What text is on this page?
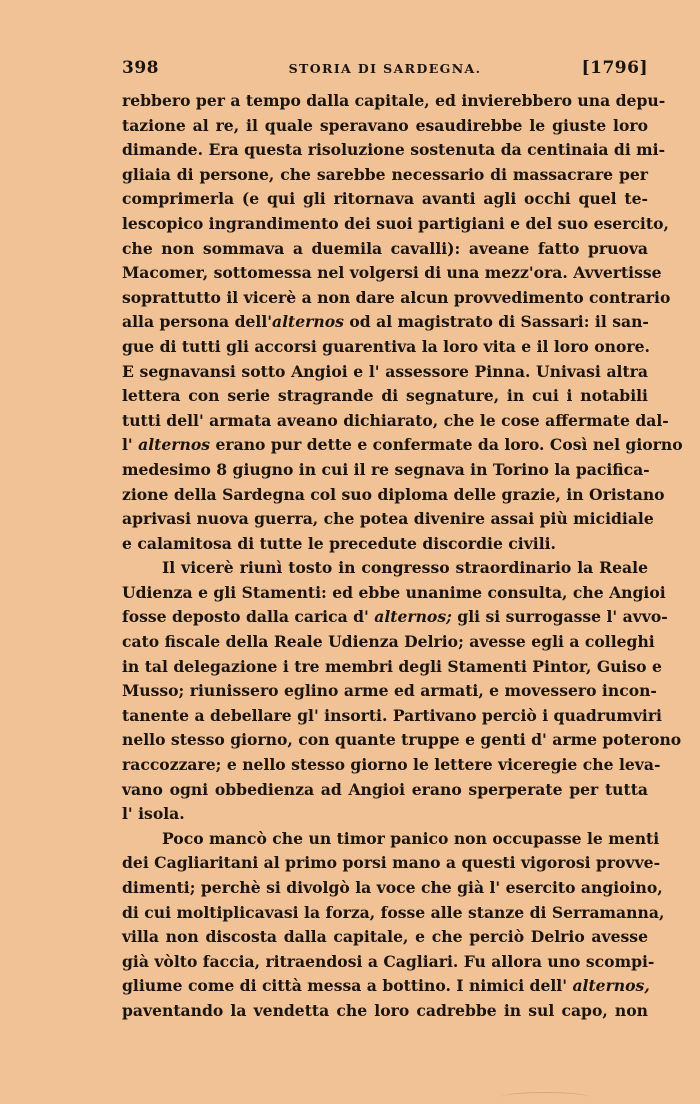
398	STORIA DI SARDEGNA.	[1796]
rebbero per a tempo dalla capitale, ed invierebbero una depu-
tazione al re, il quale speravano esaudirebbe le giuste loro
dimande. Era questa risoluzione sostenuta da centinaia di mi-
gliaia di persone, che sarebbe necessario di massacrare per
comprimerla (e qui gli ritornava avanti agli occhi quel te-
lescopico ingrandimento dei suoi partigiani e del suo esercito,
che non sommava a duemila cavalli): aveane fatto pruova
Macomer, sottomessa nel volgersi di una mezz'ora. Avvertisse
soprattutto il vicerè a non dare alcun provvedimento contrario
alla persona dell'alternos od al magistrato di Sassari: il san-
gue di tutti gli accorsi guarentiva la loro vita e il loro onore.
E segnavansi sotto Angioi e l' assessore Pinna. Univasi altra
lettera con serie stragrande di segnature, in cui i notabili
tutti dell' armata aveano dichiarato, che le cose affermate dal-
l' alternos erano pur dette e confermate da loro. Così nel giorno
medesimo 8 giugno in cui il re segnava in Torino la pacifica-
zione della Sardegna col suo diploma delle grazie, in Oristano
aprivasi nuova guerra, che potea divenire assai più micidiale
e calamitosa di tutte le precedute discordie civili.
Il vicerè riunì tosto in congresso straordinario la Reale
Udienza e gli Stamenti: ed ebbe unanime consulta, che Angioi
fosse deposto dalla carica d' alternos; gli si surrogasse l' avvo-
cato fiscale della Reale Udienza Delrio; avesse egli a colleghi
in tal delegazione i tre membri degli Stamenti Pintor, Guiso e
Musso; riunissero eglino arme ed armati, e movessero incon-
tanente a debellare gl' insorti. Partivano perciò i quadrumviri
nello stesso giorno, con quante truppe e genti d' arme poterono
raccozzare; e nello stesso giorno le lettere viceregie che leva-
vano ogni obbedienza ad Angioi erano sperperate per tutta
l' isola.
Poco mancò che un timor panico non occupasse le menti
dei Cagliaritani al primo porsi mano a questi vigorosi provve-
dimenti; perchè si divolgò la voce che già l' esercito angioino,
di cui moltiplicavasi la forza, fosse alle stanze di Serramanna,
villa non discosta dalla capitale, e che perciò Delrio avesse
già vòlto faccia, ritraendosi a Cagliari. Fu allora uno scompi-
gliume come di città messa a bottino. I nimici dell' alternos,
paventando la vendetta che loro cadrebbe in sul capo, non
